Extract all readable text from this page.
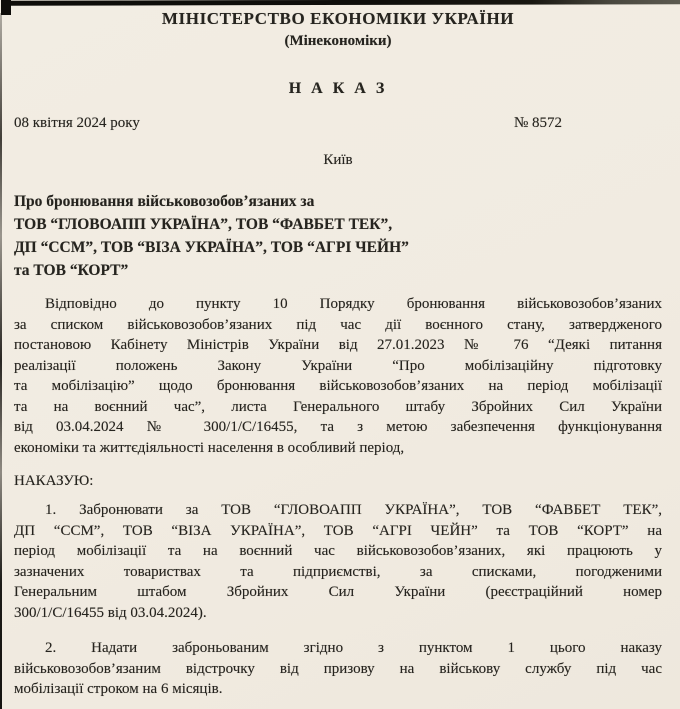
МІНІСТЕРСТВО ЕКОНОМІКИ УКРАЇНИ
(Мінекономіки)
Н А К А З
08 квітня 2024 року	№ 8572
Київ
Про бронювання військовозобов’язаних за
ТОВ “ГЛОВОАПП УКРАЇНА”, ТОВ “ФАВБЕТ ТЕК”,
ДП “ССМ”, ТОВ “ВІЗА УКРАЇНА”, ТОВ “АГРІ ЧЕЙН”
та ТОВ “КОРТ”
Відповідно до пункту 10 Порядку бронювання військовозобов’язаних
за списком військовозобов’язаних під час дії воєнного стану, затвердженого
постановою Кабінету Міністрів України від 27.01.2023 № 76 “Деякі питання
реалізації положень Закону України “Про мобілізаційну підготовку
та мобілізацію” щодо бронювання військовозобов’язаних на період мобілізації
та на воєнний час”, листа Генерального штабу Збройних Сил України
від 03.04.2024 № 300/1/С/16455, та з метою забезпечення функціонування
економіки та життєдіяльності населення в особливий період,
НАКАЗУЮ:
1. Забронювати за ТОВ “ГЛОВОАПП УКРАЇНА”, ТОВ “ФАВБЕТ ТЕК”,
ДП “ССМ”, ТОВ “ВІЗА УКРАЇНА”, ТОВ “АГРІ ЧЕЙН” та ТОВ “КОРТ” на
період мобілізації та на воєнний час військовозобов’язаних, які працюють у
зазначених товариствах та підприємстві, за списками, погодженими
Генеральним штабом Збройних Сил України (реєстраційний номер
300/1/С/16455 від 03.04.2024).
2. Надати заброньованим згідно з пунктом 1 цього наказу
військовозобов’язаним відстрочку від призову на військову службу під час
мобілізації строком на 6 місяців.
